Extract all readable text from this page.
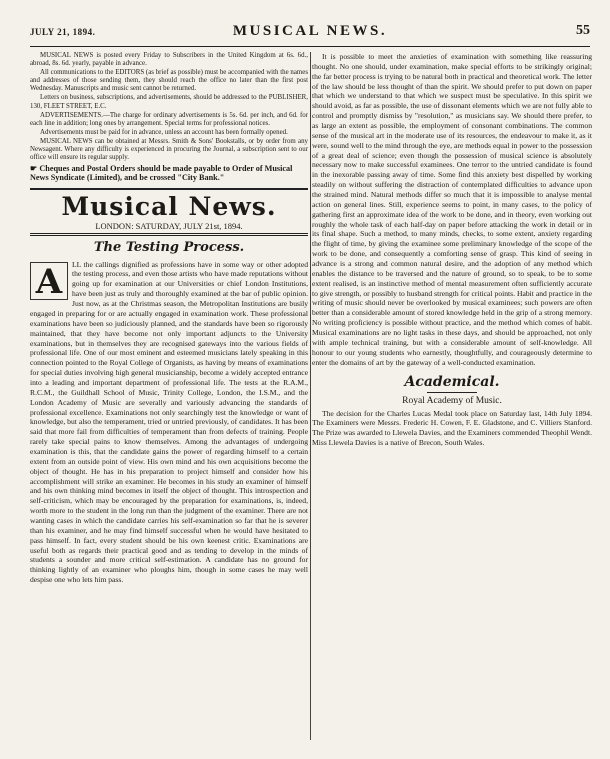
JULY 21, 1894.	MUSICAL NEWS.	55

MUSICAL NEWS is posted every Friday to Subscribers in the United Kingdom at 6s. 6d., abroad, 8s. 6d. yearly, payable in advance.

All communications to the EDITORS (as brief as possible) must be accompanied with the names and addresses of those sending them, they should reach the office no later than the first post Wednesday. Manuscripts and music sent cannot be returned.

Letters on business, subscriptions, and advertisements, should be addressed to the PUBLISHER, 130, FLEET STREET, E.C.

ADVERTISEMENTS.—The charge for ordinary advertisements is 5s. 6d. per inch, and 6d. for each line in addition; long ones by arrangement. Special terms for professional notices.

Advertisements must be paid for in advance, unless an account has been formally opened.

MUSICAL NEWS can be obtained at Messrs. Smith & Sons' Bookstalls, or by order from any Newsagent. Where any difficulty is experienced in procuring the Journal, a subscription sent to our office will ensure its regular supply.

☛ Cheques and Postal Orders should be made payable to Order of Musical News Syndicate (Limited), and be crossed "City Bank."
Musical News.
LONDON: SATURDAY, JULY 21st, 1894.
The Testing Process.
A	LL the callings dignified as professions have in some way or other adopted the testing process, and even those artists who have made reputations without going up for examination at our Universities or chief London Institutions, have been just as truly and thoroughly examined at the bar of public opinion. Just now, as at the Christmas season, the Metropolitan Institutions are busily engaged in preparing for or are actually engaged in examination work. These professional examinations have been so judiciously planned, and the standards have been so rigorously maintained, that they have become not only important adjuncts to the University examinations, but in themselves they are recognised gateways into the various fields of professional life. One of our most eminent and esteemed musicians lately speaking in this connection pointed to the Royal College of Organists, as having by means of examinations for special duties involving high general musicianship, become a widely accepted entrance into a leading and important department of professional life. The tests at the R.A.M., R.C.M., the Guildhall School of Music, Trinity College, London, the I.S.M., and the London Academy of Music are severally and variously advancing the standards of professional excellence. Examinations not only searchingly test the knowledge or want of knowledge, but also the temperament, tried or untried previously, of candidates. It has been said that more fail from difficulties of temperament than from defects of training. People rarely take special pains to know themselves. Among the advantages of undergoing examination is this, that the candidate gains the power of regarding himself to a certain extent from an outside point of view. His own mind and his own acquisitions become the object of thought. He has in his preparation to project himself and consider how his accomplishment will strike an examiner. He becomes in his study an examiner of himself and his own thinking mind becomes in itself the object of thought. This introspection and self-criticism, which may be encouraged by the preparation for examinations, is, indeed, worth more to the student in the long run than the judgment of the examiner. There are not wanting cases in which the candidate carries his self-examination so far that he is severer than his examiner, and he may find himself successful when he would have hesitated to pass himself. In fact, every student should be his own keenest critic. Examinations are useful both as regards their practical good and as tending to develop in the minds of students a sounder and more critical self-estimation. A candidate has no ground for thinking lightly of an examiner who ploughs him, though in some cases he may well despise one who lets him pass.

It is possible to meet the anxieties of examination with something like reassuring thought. No one should, under examination, make special efforts to be strikingly original; the far better process is trying to be natural both in practical and theoretical work. The letter of the law should be less thought of than the spirit. We should prefer to put down on paper that which we understand to that which we suspect must be speculative. In this spirit we should avoid, as far as possible, the use of dissonant elements which we are not fully able to control and promptly dismiss by "resolution," as musicians say. We should there prefer, to as large an extent as possible, the employment of consonant combinations. The common sense of the musical art in the moderate use of its resources, the endeavour to make it, as it were, sound well to the mind through the eye, are methods equal in power to the possession of a great deal of science; even though the possession of musical science is absolutely necessary now to make successful examinees. One terror to the untried candidate is found in the inexorable passing away of time. Some find this anxiety best dispelled by working steadily on without suffering the distraction of contemplated difficulties to advance upon the strained mind. Natural methods differ so much that it is impossible to analyse mental action on general lines. Still, experience seems to point, in many cases, to the policy of gathering first an approximate idea of the work to be done, and in theory, even working out roughly the whole task of each half-day on paper before attacking the work in detail or in its final shape. Such a method, to many minds, checks, to some extent, anxiety regarding the flight of time, by giving the examinee some preliminary knowledge of the scope of the work to be done, and consequently a comforting sense of grasp. This kind of seeing in advance is a strong and common natural desire, and the adoption of any method which enables the distance to be traversed and the nature of ground, so to speak, to be to some extent realised, is an instinctive method of mental measurement often sufficiently accurate to give strength, or possibly to husband strength for critical points. Habit and practice in the writing of music should never be overlooked by musical examinees; such powers are often better than a considerable amount of stored knowledge held in the grip of a strong memory. No writing proficiency is possible without practice, and the method which comes of habit. Musical examinations are no light tasks in these days, and should be approached, not only with ample technical training, but with a considerable amount of self-knowledge. All honour to our young students who earnestly, thoughtfully, and courageously determine to enter the domains of art by the gateway of a well-conducted examination.

Academical.
Royal Academy of Music.

The decision for the Charles Lucas Medal took place on Saturday last, 14th July 1894. The Examiners were Messrs. Frederic H. Cowen, F. E. Gladstone, and C. Villiers Stanford. The Prize was awarded to Llewela Davies, and the Examiners commended Theophil Wendt. Miss Llewela Davies is a native of Brecon, South Wales.
